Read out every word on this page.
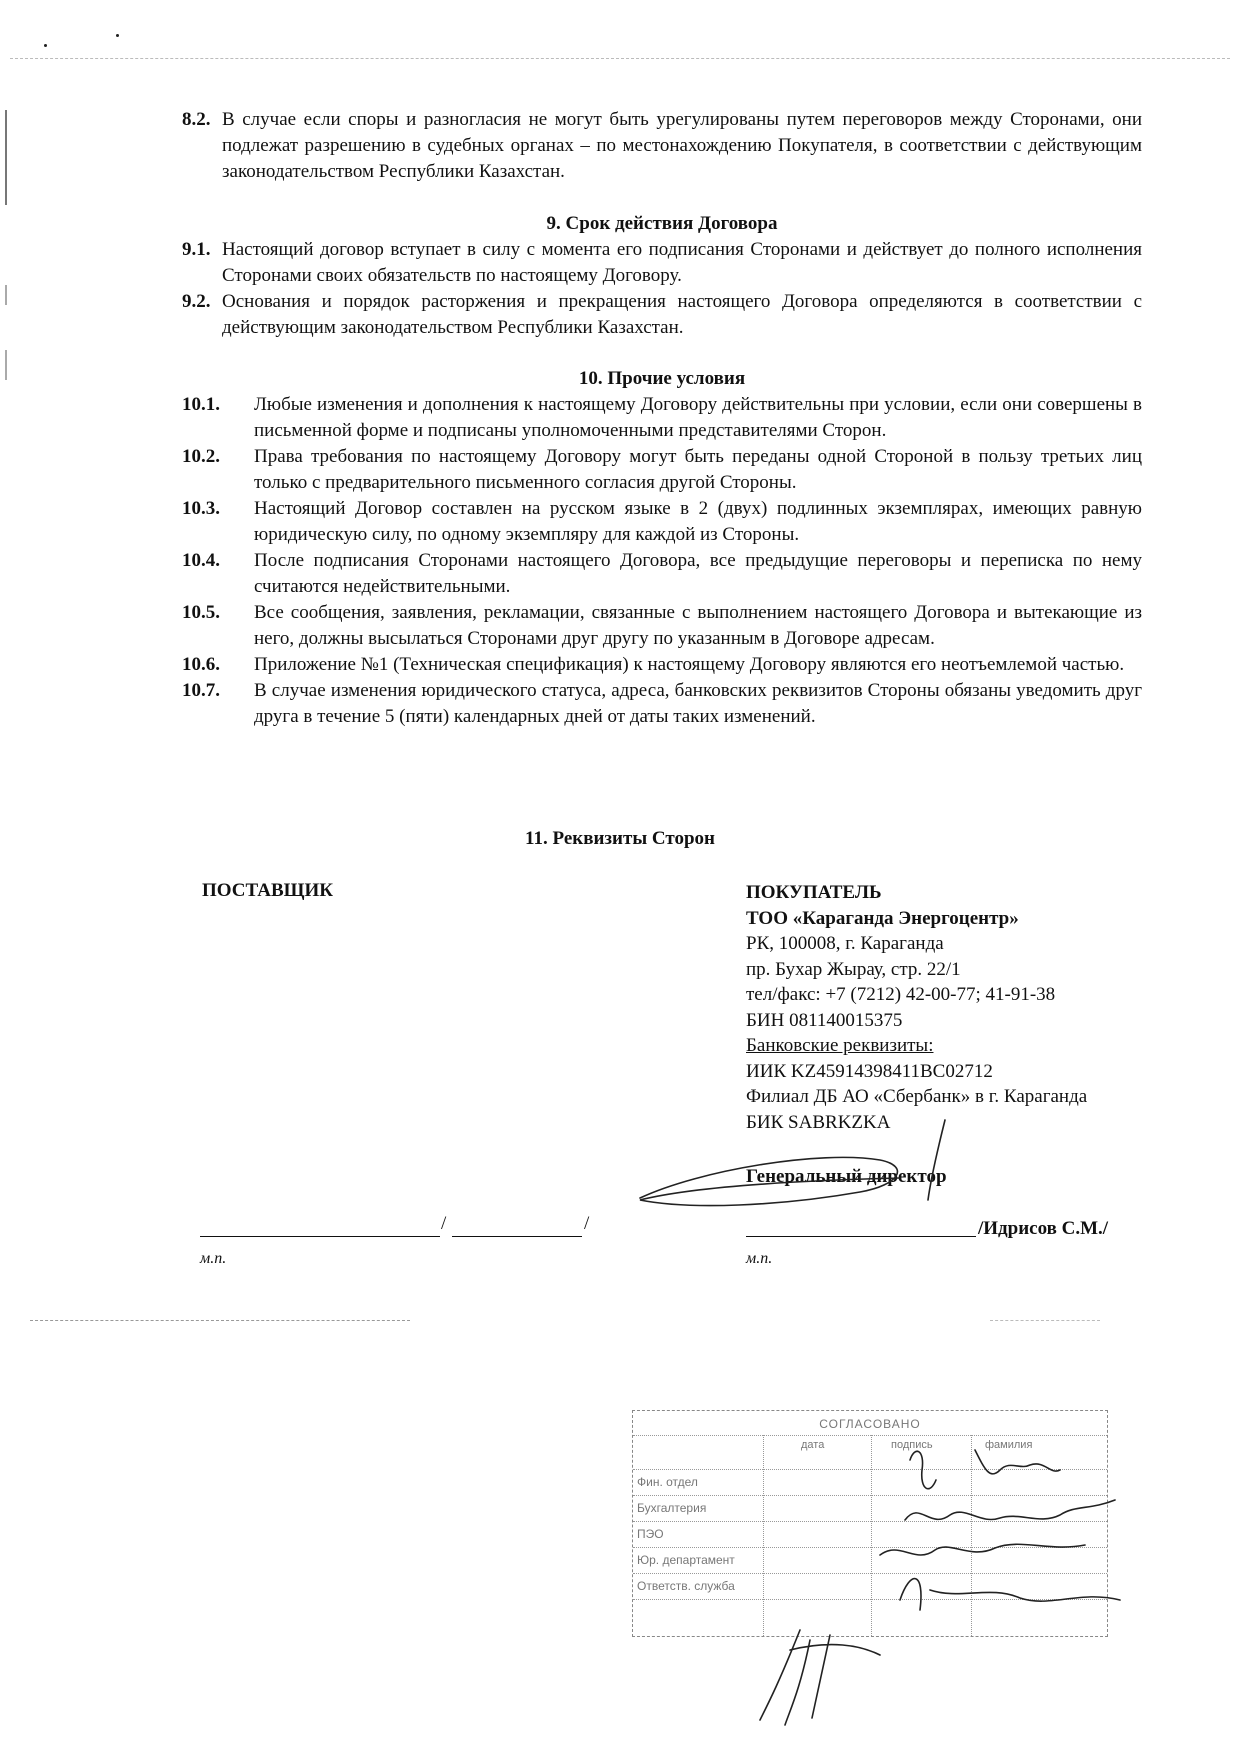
8.2. В случае если споры и разногласия не могут быть урегулированы путем переговоров между Сторонами, они подлежат разрешению в судебных органах – по местонахождению Покупателя, в соответствии с действующим законодательством Республики Казахстан.
9. Срок действия Договора
9.1. Настоящий договор вступает в силу с момента его подписания Сторонами и действует до полного исполнения Сторонами своих обязательств по настоящему Договору.
9.2. Основания и порядок расторжения и прекращения настоящего Договора определяются в соответствии с действующим законодательством Республики Казахстан.
10. Прочие условия
10.1.	Любые изменения и дополнения к настоящему Договору действительны при условии, если они совершены в письменной форме и подписаны уполномоченными представителями Сторон.
10.2.	Права требования по настоящему Договору могут быть переданы одной Стороной в пользу третьих лиц только с предварительного письменного согласия другой Стороны.
10.3.	Настоящий Договор составлен на русском языке в 2 (двух) подлинных экземплярах, имеющих равную юридическую силу, по одному экземпляру для каждой из Стороны.
10.4.	После подписания Сторонами настоящего Договора, все предыдущие переговоры и переписка по нему считаются недействительными.
10.5.	Все сообщения, заявления, рекламации, связанные с выполнением настоящего Договора и вытекающие из него, должны высылаться Сторонами друг другу по указанным в Договоре адресам.
10.6.	Приложение №1 (Техническая спецификация) к настоящему Договору являются его неотъемлемой частью.
10.7.	В случае изменения юридического статуса, адреса, банковских реквизитов Стороны обязаны уведомить друг друга в течение 5 (пяти) календарных дней от даты таких изменений.
11. Реквизиты Сторон
ПОСТАВЩИК	ПОКУПАТЕЛЬ
ТОО «Караганда Энергоцентр»
РК, 100008, г. Караганда
пр. Бухар Жырау, стр. 22/1
тел/факс: +7 (7212) 42-00-77; 41-91-38
БИН 081140015375
Банковские реквизиты:
ИИК KZ45914398411BC02712
Филиал ДБ АО «Сбербанк» в г. Караганда
БИК SABRKZKA
Генеральный директор
/	/	/Идрисов С.М./
м.п.	м.п.
СОГЛАСОВАНО
дата	подпись	фамилия
Фин. отдел
Бухгалтерия
ПЭО
Юр. департамент
Ответств. служба
